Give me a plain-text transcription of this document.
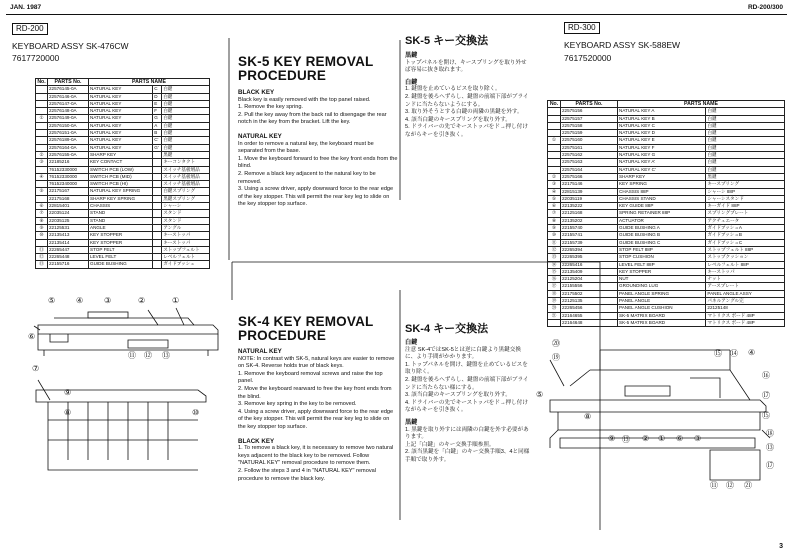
JAN. 1987	RD-200/300
RD-200
KEYBOARD ASSY SK-476CW
7617720000
No.	PARTS No.	PARTS NAME		
	22576145-0A	NATURAL KEY	C	白鍵
	22576146-0A	NATURAL KEY	D	白鍵
	22576147-0A	NATURAL KEY	E	白鍵
	22576148-0A	NATURAL KEY	F	白鍵
①	22576149-0A	NATURAL KEY	G	白鍵
	22576150-0A	NATURAL KEY	A	白鍵
	22576151-0A	NATURAL KEY	B	白鍵
	22576189-0A	NATURAL KEY	C'	白鍵
	22576164-0A	NATURAL KEY	G'	白鍵
②	22576155-0A	SHARP KEY		黒鍵
③	22185216	KEY CONTACT		キーコンタクト
	76152330000	SWITCH PCB (LOW)		スイッチ基板増品
④	76152330000	SWITCH PCB (MID)		スイッチ基板増品
	76152340000	SWITCH PCB (HI)		スイッチ基板増品
⑤	22175167	NATURAL KEY SPRING		白鍵スプリング
	22175168	SHARP KEY SPRING		黒鍵スプリング
⑥	22815401	CHASSIS		シャーシ
⑦	22035124	STAND		スタンド
⑧	22035125	STAND		スタンド
⑨	22125531	ANGLE		アングル
⑩	22135413	KEY STOPPER		キーストッパ
	22135414	KEY STOPPER		キーストッパ
⑪	22265447	STOP FELT		ストップフェルト
⑫	22265448	LEVEL FELT		レベルフェルト
⑬	22155716	GUIDE BUSHING		ガイドブッシュ
⑤	④	③	②	①
⑥
⑦
⑧
⑨
⑩
⑪ ⑫ ⑬
SK-5 KEY REMOVAL
PROCEDURE
BLACK KEY

Black key is easily removed with the top panel raised.

1. Remove the key spring.

2. Pull the key away from the back rail to disengage the rear notch in the key from the bracket. Lift the key.

NATURAL KEY

In order to remove a natural key, the keyboard must be separated from the base.

1. Move the keyboard forward to free the key front ends from the blind.

2. Remove a black key adjacent to the natural key to be removed.

3. Using a screw driver, apply downward force to the rear edge of the key stopper. This will permit the rear key leg to slide on the key stopper top surface.

SK-4 KEY REMOVAL
PROCEDURE
NATURAL KEY

NOTE: In contrast with SK-5, natural keys are easier to remove on SK-4. Reverse holds true of black keys.

1. Remove the keyboard removal screws and raise the top panel.

2. Move the keyboard rearward to free the key front ends from the blind.

3. Remove key spring in the key to be removed.

4. Using a screw driver, apply downward force to the rear edge of the key stopper. This will permit the rear key leg to slide on the key stopper top surface.

BLACK KEY

1. To remove a black key, it is necessary to remove two natural keys adjacent to the black key to be removed. Follow "NATURAL KEY" removal procedure to remove them.

2. Follow the steps 3 and 4 in "NATURAL KEY" removal procedure to remove the black key.

SK-5 キー交換法
黒鍵

トップパネルを開け、キースプリングを取り外せば容易に抜き取れます。

白鍵

1. 鍵盤を止めているビスを取り除く。

2. 鍵盤を後ろへずらし、鍵盤の前端下部がブラインドに当たらないようにする。

3. 取り外そうとする白鍵の両隣の黒鍵を外す。

4. 該当白鍵のキースプリングを取り外す。

5. ドライバーの先でキーストッパをド→押し付けながらキーを引き抜く。

SK-4 キー交換法
白鍵

注意 SK-4ではSK-5とは逆に白鍵より黒鍵交換に、より手間がかかります。

1. トップパネルを開け、鍵盤を止めているビスを取り除く。

2. 鍵盤を後ろへずらし、鍵盤の前端下部がブラインドに当たらない様にする。

3. 該当白鍵のキースプリングを取り外す。

4. ドライバーの先でキーストッパをド→押し付けながらキーを引き抜く。

黒鍵

1. 黒鍵を取り外すには両隣の白鍵を外す必要があります。

上記「白鍵」のキー交換手順参照。

2. 該当黒鍵を「白鍵」のキー交換手順3、4と同様手順で取り外す。

RD-300
KEYBOARD ASSY SK-588EW
7617520000
No.	PARTS No.	PARTS NAME	
	22575156	NATURAL KEY A	白鍵
	22575157	NATURAL KEY B	白鍵
	22575158	NATURAL KEY C	白鍵
	22575159	NATURAL KEY D	白鍵
①	22575160	NATURAL KEY E	白鍵
	22575161	NATURAL KEY F	白鍵
	22575162	NATURAL KEY G	白鍵
	22575163	NATURAL KEY A'	白鍵
	22575164	NATURAL KEY C'	白鍵
②	22575166	SHARP KEY	黒鍵
③	22175146	KEY SPRING	キースプリング
④	22815139	CHASSIS 88P	シャーシ 88P
⑤	22035119	CHASSIS STAND	シャーシスタンド
⑥	22135222	KEY GUIDE 88P	キーガイド 88P
⑦	22125168	SPRING RETAINER 88P	スプリングプレート
⑧	22135202	ACTUATOR	アクチュエータ
⑨	22155740	GUIDE BUSHING A	ガイドブッシュA
⑩	22155741	GUIDE BUSHING B	ガイドブッシュB
⑪	22155739	GUIDE BUSHING C	ガイドブッシュC
⑫	22265394	STOP FELT 88P	ストップフェルト 88P
⑬	22265395	STOP CUSHION	ストップクッション
⑭	22265416	LEVEL FELT 88P	レベルフェルト 88P
⑮	22135409	KEY STOPPER	キーストッパ
⑯	22125204	NUT	ナット
⑰	22155556	GROUNDING LUG	アースプレート
⑱	22175502	PANEL ANGLE SPRING	PANEL ANGLE ASSY
⑲	22125135	PANEL ANGLE	パネルアングル完
⑳	22265456	PANEL ANGLE CUSHION	22125148
㉑	22164655	SK-5 MATRIX BOARD	マトリクス ボード 48P
	22164648	SK-5 MATRIX BOARD	マトリクス ボード 48P
⑳
⑲
⑤
⑧
⑨ ⑬ ② ① ⑥ ③
⑮ ⑭ ④
⑯
⑰
⑮
⑪ ⑫ ㉑
⑬
⑰
⑱
3
